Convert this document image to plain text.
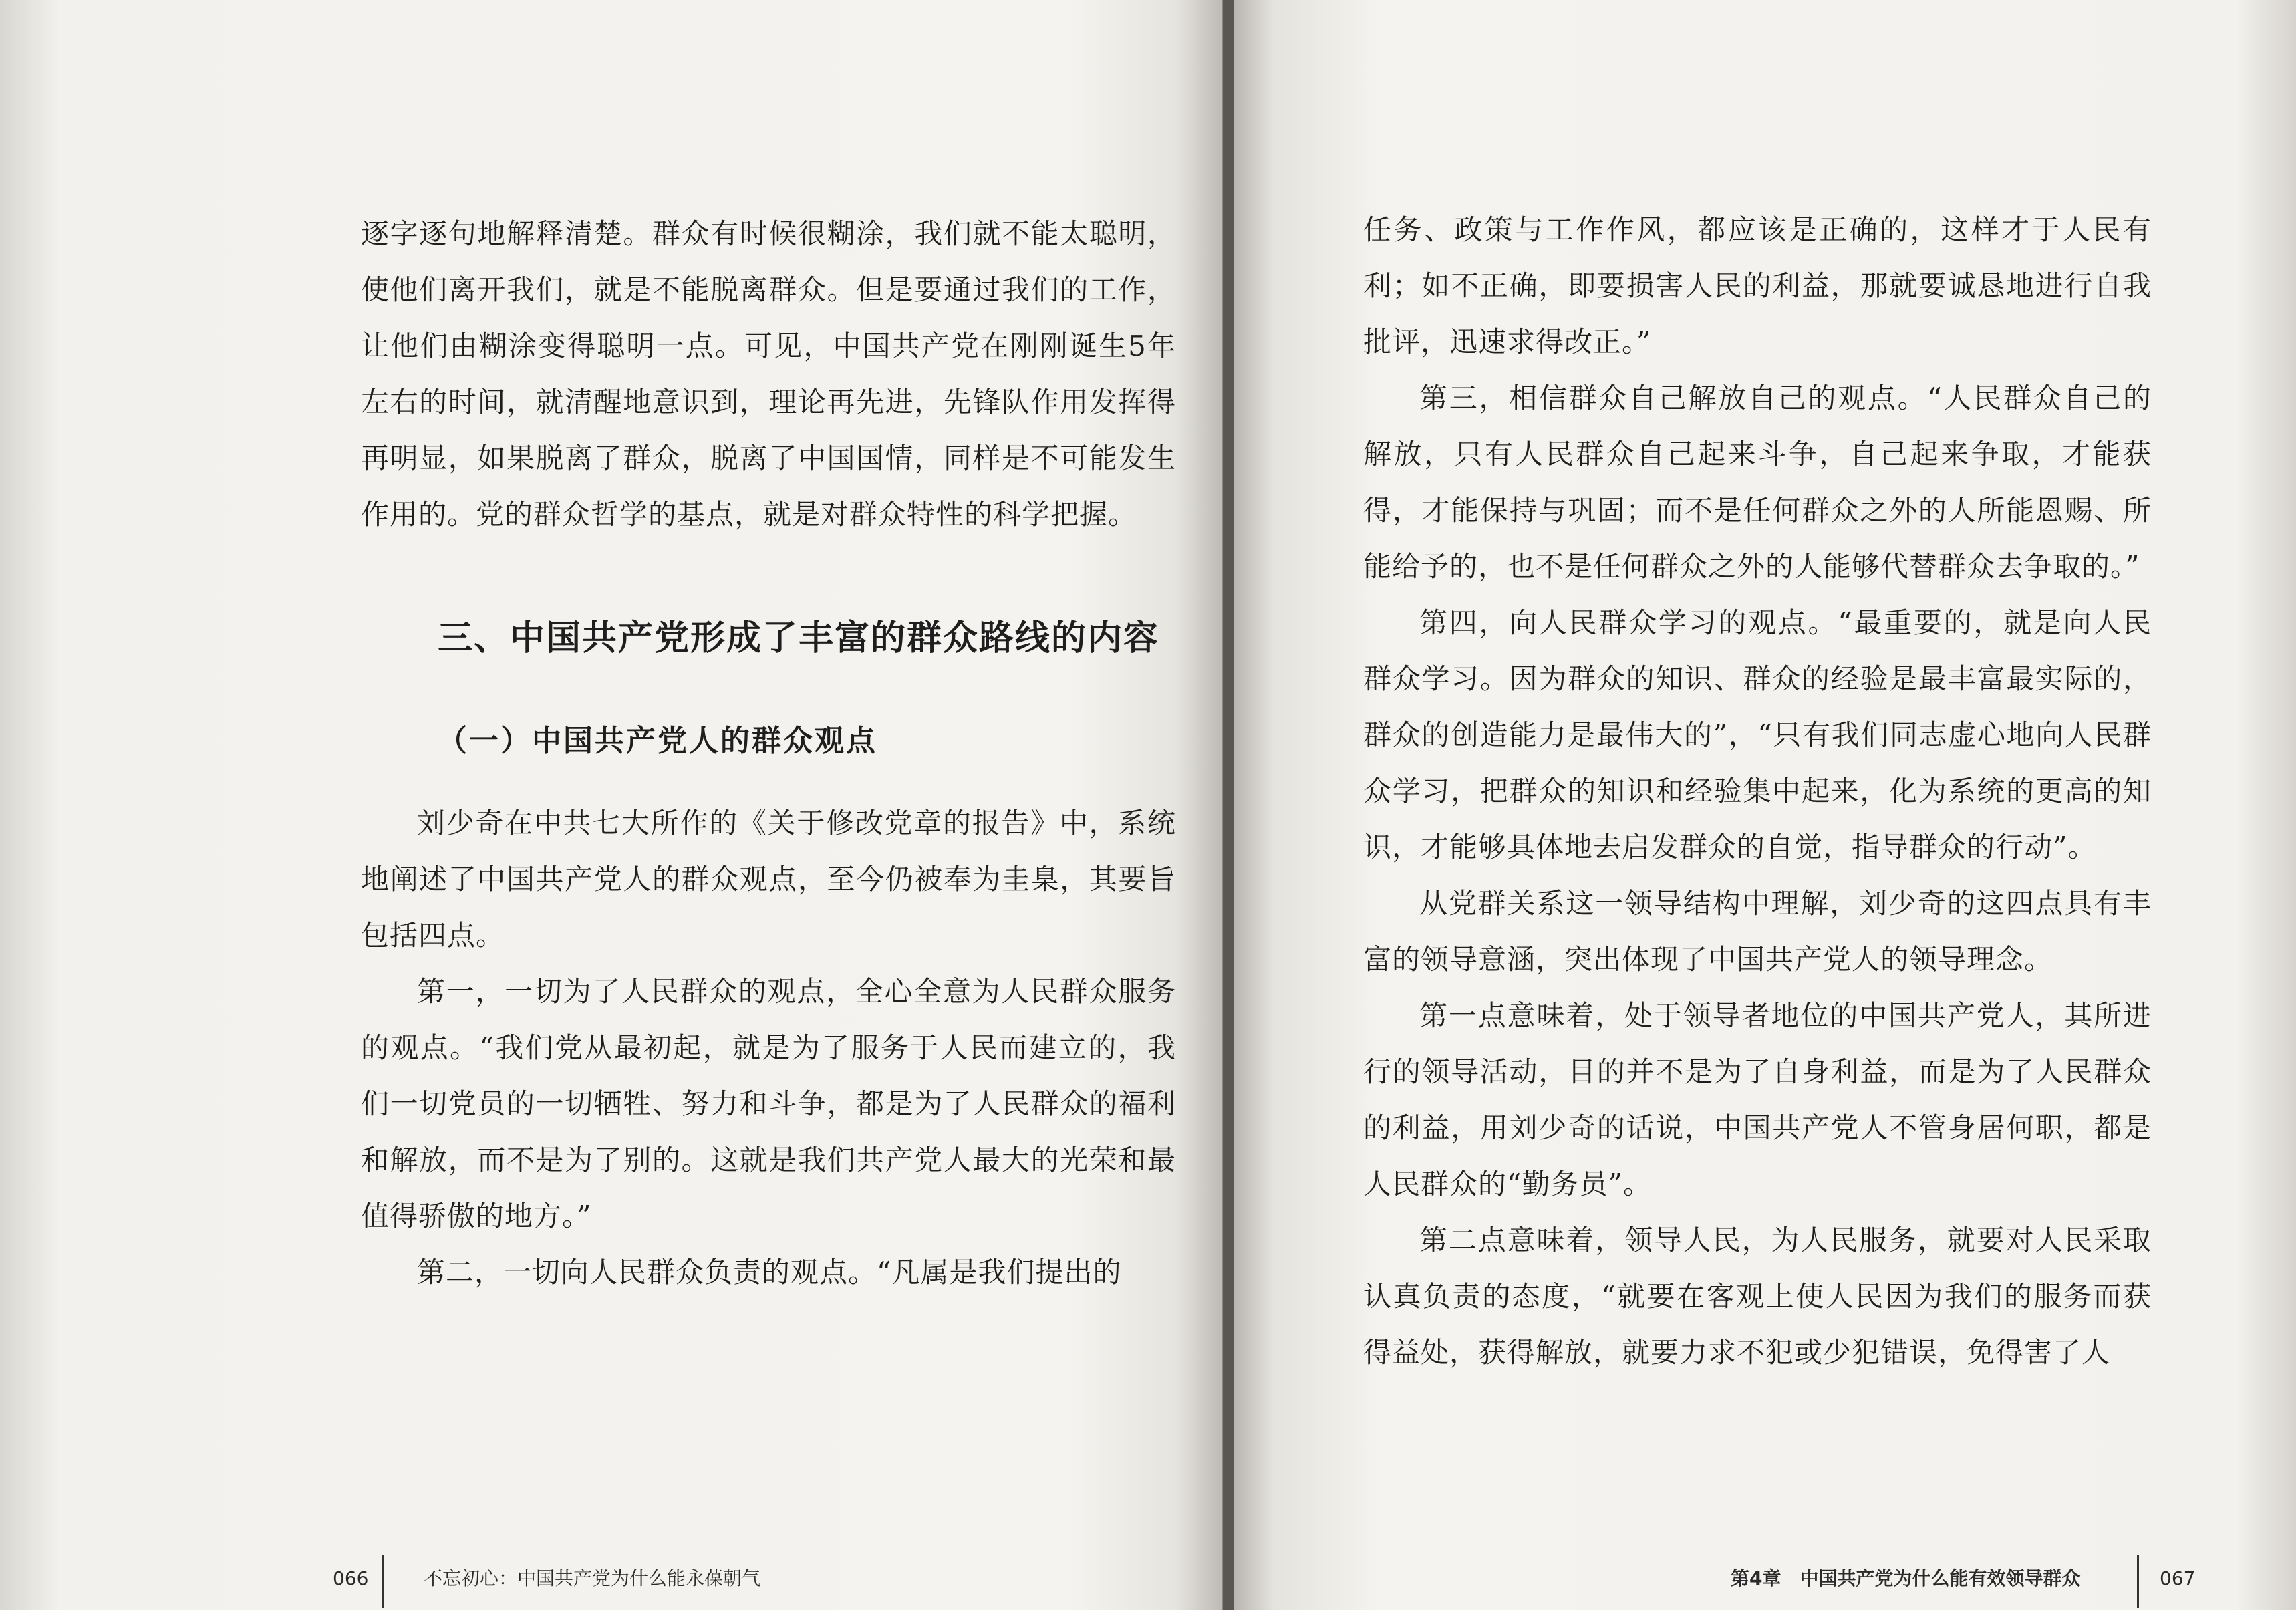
逐字逐句地解释清楚。群众有时候很糊涂，我们就不能太聪明，使他们离开我们，就是不能脱离群众。但是要通过我们的工作，让他们由糊涂变得聪明一点。可见，中国共产党在刚刚诞生5年左右的时间，就清醒地意识到，理论再先进，先锋队作用发挥得再明显，如果脱离了群众，脱离了中国国情，同样是不可能发生作用的。党的群众哲学的基点，就是对群众特性的科学把握。

三、中国共产党形成了丰富的群众路线的内容
（一）中国共产党人的群众观点

刘少奇在中共七大所作的《关于修改党章的报告》中，系统地阐述了中国共产党人的群众观点，至今仍被奉为圭臬，其要旨包括四点。

第一，一切为了人民群众的观点，全心全意为人民群众服务的观点。“我们党从最初起，就是为了服务于人民而建立的，我们一切党员的一切牺牲、努力和斗争，都是为了人民群众的福利和解放，而不是为了别的。这就是我们共产党人最大的光荣和最值得骄傲的地方。”

第二，一切向人民群众负责的观点。“凡属是我们提出的

066	不忘初心：中国共产党为什么能永葆朝气

任务、政策与工作作风，都应该是正确的，这样才于人民有利；如不正确，即要损害人民的利益，那就要诚恳地进行自我批评，迅速求得改正。”

第三，相信群众自己解放自己的观点。“人民群众自己的解放，只有人民群众自己起来斗争，自己起来争取，才能获得，才能保持与巩固；而不是任何群众之外的人所能恩赐、所能给予的，也不是任何群众之外的人能够代替群众去争取的。”

第四，向人民群众学习的观点。“最重要的，就是向人民群众学习。因为群众的知识、群众的经验是最丰富最实际的，群众的创造能力是最伟大的”，“只有我们同志虚心地向人民群众学习，把群众的知识和经验集中起来，化为系统的更高的知识，才能够具体地去启发群众的自觉，指导群众的行动”。

从党群关系这一领导结构中理解，刘少奇的这四点具有丰富的领导意涵，突出体现了中国共产党人的领导理念。

第一点意味着，处于领导者地位的中国共产党人，其所进行的领导活动，目的并不是为了自身利益，而是为了人民群众的利益，用刘少奇的话说，中国共产党人不管身居何职，都是人民群众的“勤务员”。

第二点意味着，领导人民，为人民服务，就要对人民采取认真负责的态度，“就要在客观上使人民因为我们的服务而获得益处，获得解放，就要力求不犯或少犯错误，免得害了人

第4章　中国共产党为什么能有效领导群众	067
